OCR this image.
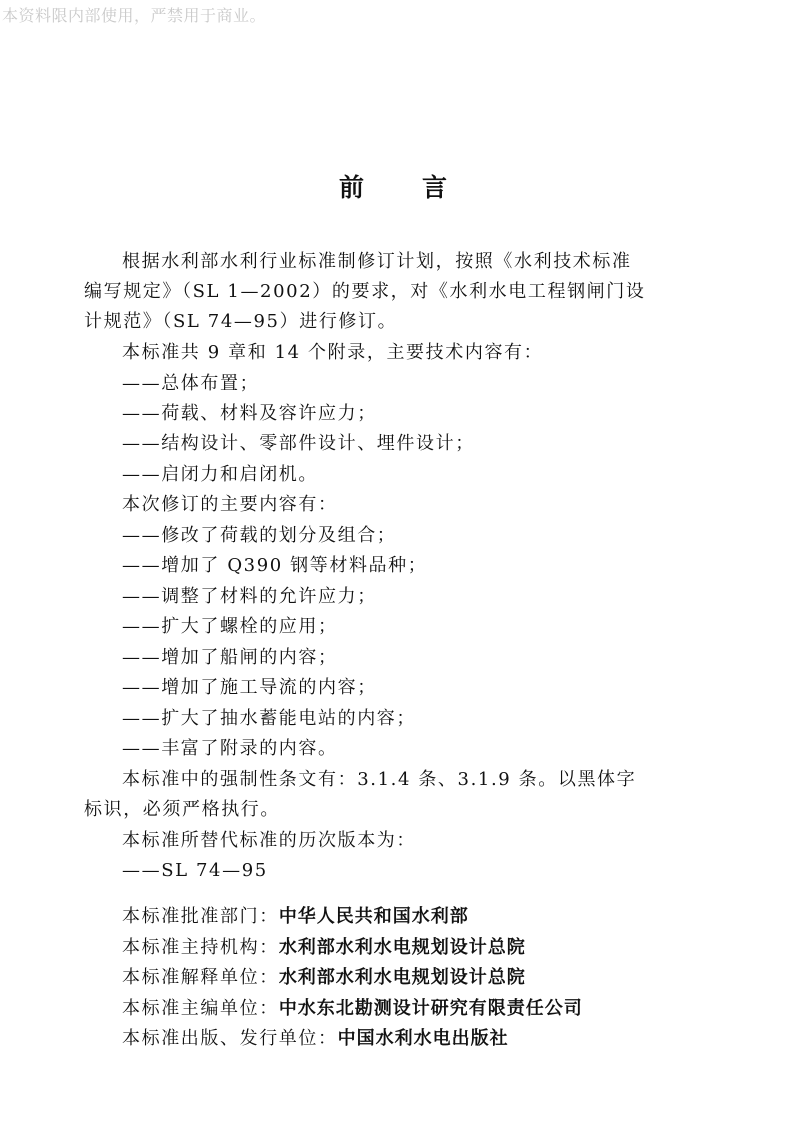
本资料限内部使用，严禁用于商业。
前言
根据水利部水利行业标准制修订计划，按照《水利技术标准
编写规定》（SL 1—2002）的要求，对《水利水电工程钢闸门设
计规范》（SL 74—95）进行修订。
本标准共 9 章和 14 个附录，主要技术内容有：
——总体布置；
——荷载、材料及容许应力；
——结构设计、零部件设计、埋件设计；
——启闭力和启闭机。
本次修订的主要内容有：
——修改了荷载的划分及组合；
——增加了 Q390 钢等材料品种；
——调整了材料的允许应力；
——扩大了螺栓的应用；
——增加了船闸的内容；
——增加了施工导流的内容；
——扩大了抽水蓄能电站的内容；
——丰富了附录的内容。
本标准中的强制性条文有：3.1.4 条、3.1.9 条。以黑体字
标识，必须严格执行。
本标准所替代标准的历次版本为：
——SL 74—95
本标准批准部门：中华人民共和国水利部
本标准主持机构：水利部水利水电规划设计总院
本标准解释单位：水利部水利水电规划设计总院
本标准主编单位：中水东北勘测设计研究有限责任公司
本标准出版、发行单位：中国水利水电出版社
